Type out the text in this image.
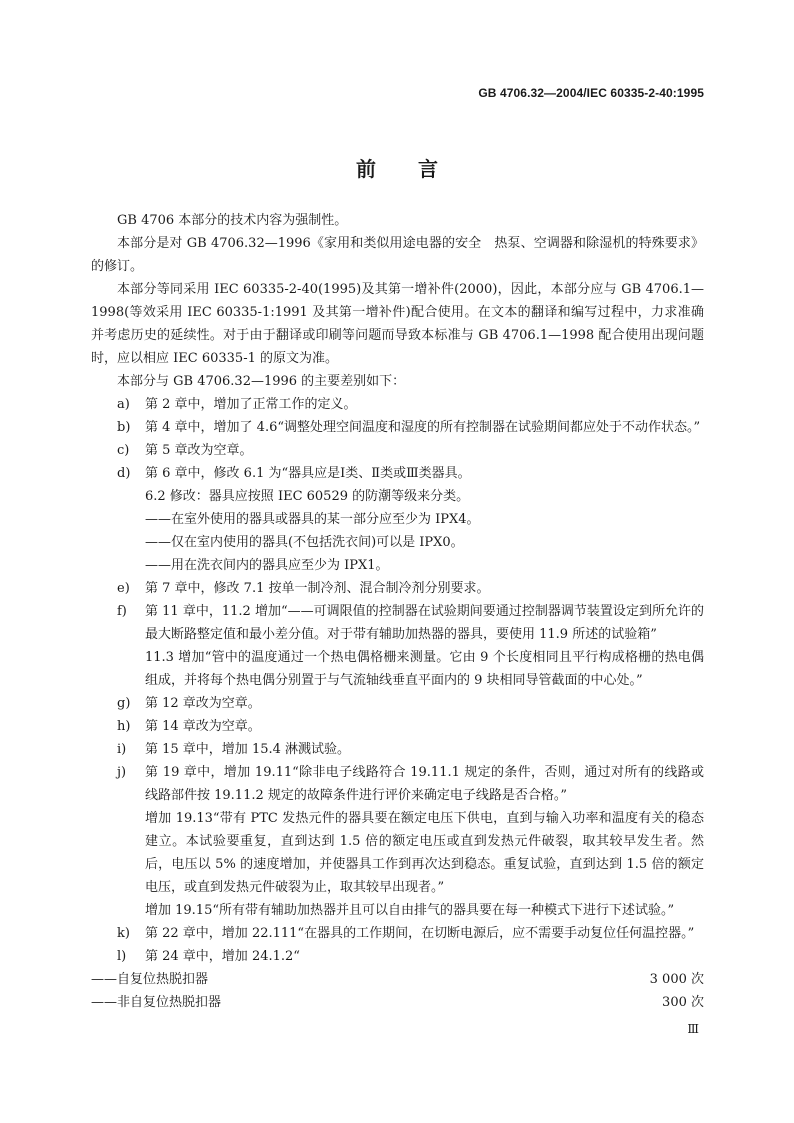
GB 4706.32—2004/IEC 60335-2-40:1995
前 言
GB 4706 本部分的技术内容为强制性。
本部分是对 GB 4706.32—1996《家用和类似用途电器的安全　热泵、空调器和除湿机的特殊要求》的修订。
本部分等同采用 IEC 60335-2-40(1995)及其第一增补件(2000)，因此，本部分应与 GB 4706.1—1998(等效采用 IEC 60335-1:1991 及其第一增补件)配合使用。在文本的翻译和编写过程中，力求准确并考虑历史的延续性。对于由于翻译或印刷等问题而导致本标准与 GB 4706.1—1998 配合使用出现问题时，应以相应 IEC 60335-1 的原文为准。
本部分与 GB 4706.32—1996 的主要差别如下：
a) 第 2 章中，增加了正常工作的定义。
b) 第 4 章中，增加了 4.6“调整处理空间温度和湿度的所有控制器在试验期间都应处于不动作状态。”
c) 第 5 章改为空章。
d) 第 6 章中，修改 6.1 为“器具应是Ⅰ类、Ⅱ类或Ⅲ类器具。
6.2 修改：器具应按照 IEC 60529 的防潮等级来分类。
——在室外使用的器具或器具的某一部分应至少为 IPX4。
——仅在室内使用的器具(不包括洗衣间)可以是 IPX0。
——用在洗衣间内的器具应至少为 IPX1。
e) 第 7 章中，修改 7.1 按单一制冷剂、混合制冷剂分别要求。
f) 第 11 章中，11.2 增加“——可调限值的控制器在试验期间要通过控制器调节装置设定到所允许的最大断路整定值和最小差分值。对于带有辅助加热器的器具，要使用 11.9 所述的试验箱”
11.3 增加“管中的温度通过一个热电偶格栅来测量。它由 9 个长度相同且平行构成格栅的热电偶组成，并将每个热电偶分别置于与气流轴线垂直平面内的 9 块相同导管截面的中心处。”
g) 第 12 章改为空章。
h) 第 14 章改为空章。
i) 第 15 章中，增加 15.4 淋溅试验。
j) 第 19 章中，增加 19.11“除非电子线路符合 19.11.1 规定的条件，否则，通过对所有的线路或线路部件按 19.11.2 规定的故障条件进行评价来确定电子线路是否合格。”
增加 19.13“带有 PTC 发热元件的器具要在额定电压下供电，直到与输入功率和温度有关的稳态建立。本试验要重复，直到达到 1.5 倍的额定电压或直到发热元件破裂，取其较早发生者。然后，电压以 5% 的速度增加，并使器具工作到再次达到稳态。重复试验，直到达到 1.5 倍的额定电压，或直到发热元件破裂为止，取其较早出现者。”
增加 19.15“所有带有辅助加热器并且可以自由排气的器具要在每一种模式下进行下述试验。”
k) 第 22 章中，增加 22.111“在器具的工作期间，在切断电源后，应不需要手动复位任何温控器。”
l) 第 24 章中，增加 24.1.2“
——自复位热脱扣器	3 000 次
——非自复位热脱扣器	300 次
Ⅲ
